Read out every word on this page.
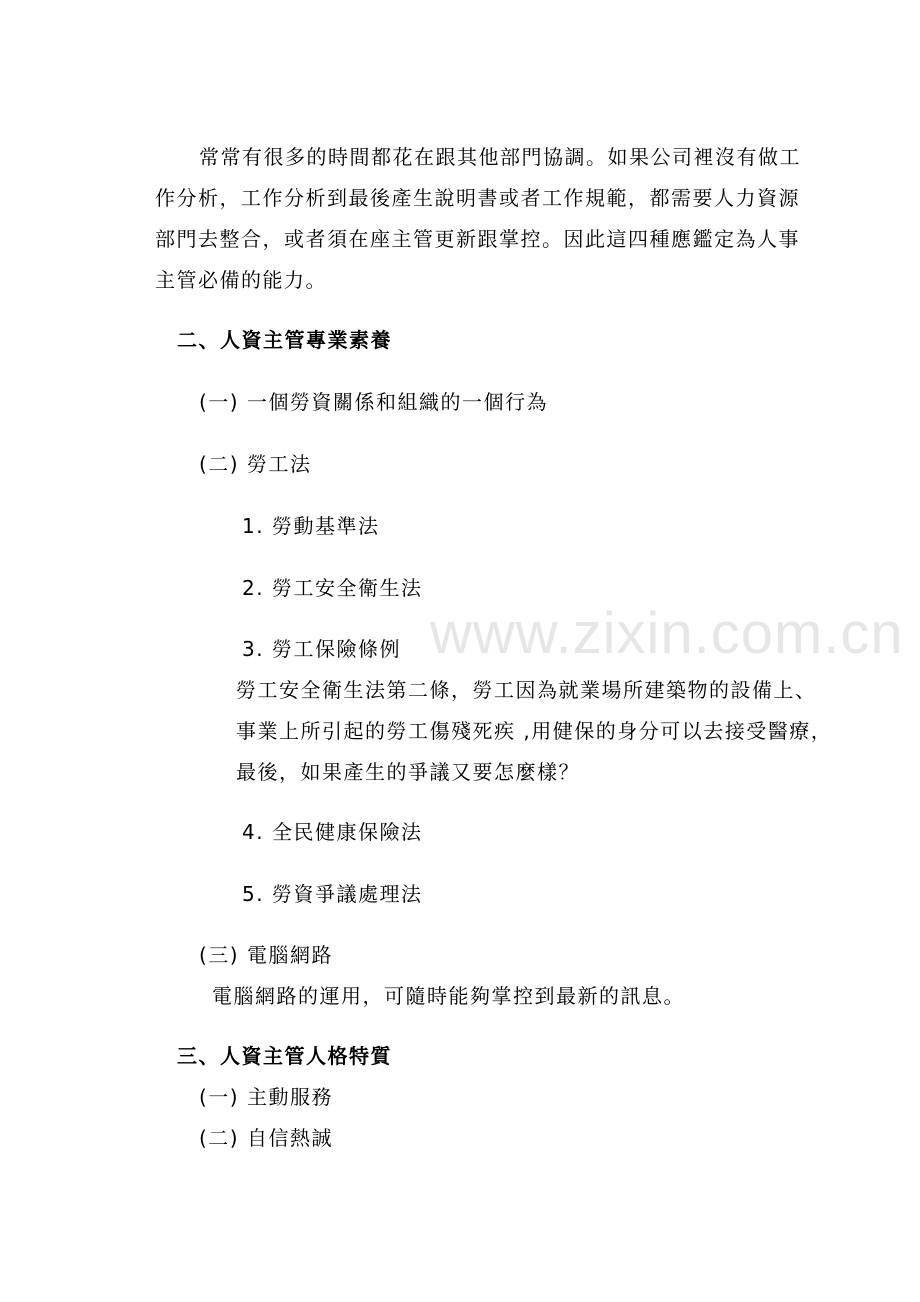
www.zixin.com.cn
常常有很多的時間都花在跟其他部門協調。如果公司裡沒有做工
作分析，工作分析到最後產生說明書或者工作規範，都需要人力資源
部門去整合，或者須在座主管更新跟掌控。因此這四種應鑑定為人事
主管必備的能力。
二、人資主管專業素養
(一) 一個勞資關係和組織的一個行為
(二) 勞工法
1. 勞動基準法
2. 勞工安全衛生法
3. 勞工保險條例
勞工安全衛生法第二條，勞工因為就業場所建築物的設備上、
事業上所引起的勞工傷殘死疾 ,用健保的身分可以去接受醫療，
最後，如果產生的爭議又要怎麼樣？
4. 全民健康保險法
5. 勞資爭議處理法
(三) 電腦網路
電腦網路的運用，可隨時能夠掌控到最新的訊息。
三、人資主管人格特質
(一) 主動服務
(二) 自信熱誠
